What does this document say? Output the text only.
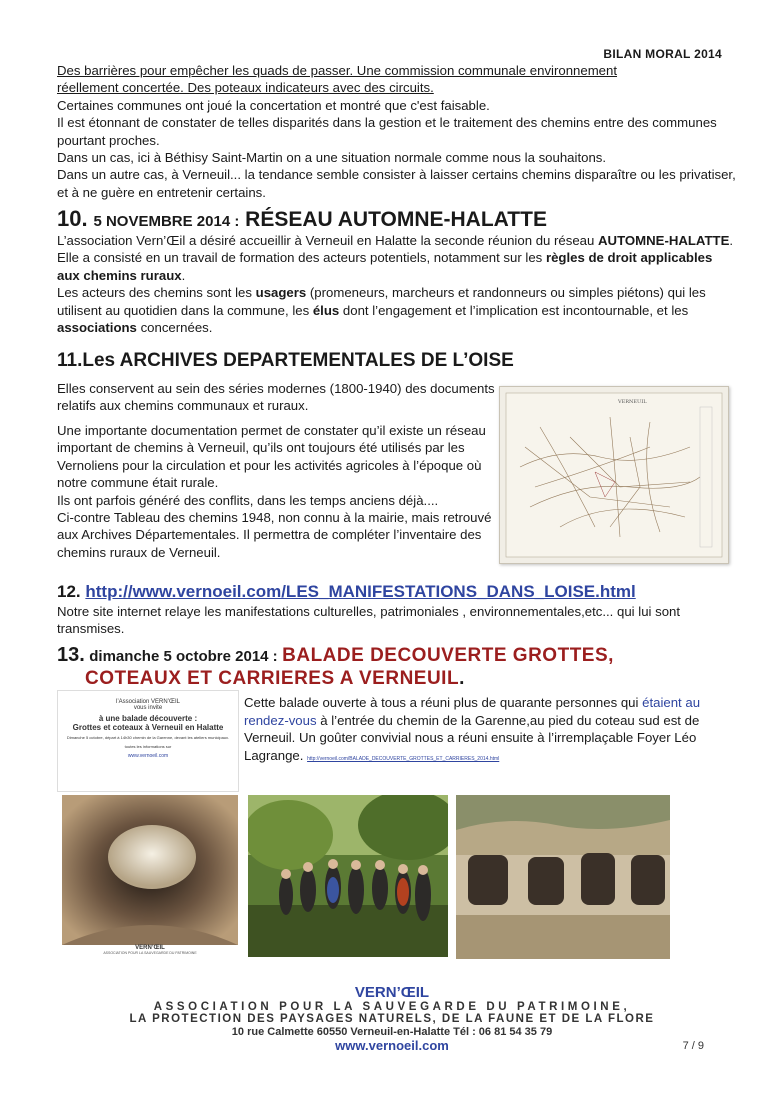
BILAN MORAL 2014

Des barrières pour empêcher les quads de passer. Une commission communale environnement

réellement concertée. Des poteaux indicateurs avec des circuits.

Certaines communes ont joué la concertation et montré que c'est faisable.

Il est étonnant de constater de telles disparités dans la gestion et le traitement des chemins entre des communes pourtant proches.

Dans un cas, ici à Béthisy Saint-Martin on a une situation normale comme nous la souhaitons.

Dans un autre cas, à Verneuil... la tendance semble consister à laisser certains chemins disparaître ou les privatiser, et à ne guère en entretenir certains.

10. 5 NOVEMBRE 2014 : RÉSEAU AUTOMNE-HALATTE

L’association Vern’Œil a désiré accueillir à Verneuil en Halatte la seconde réunion du réseau AUTOMNE-HALATTE. Elle a consisté en un travail de formation des acteurs potentiels, notamment sur les règles de droit applicables aux chemins ruraux.

Les acteurs des chemins sont les usagers (promeneurs, marcheurs et randonneurs ou simples piétons) qui les utilisent au quotidien dans la commune, les élus dont l’engagement et l’implication est incontournable, et les associations concernées.

11.Les ARCHIVES DEPARTEMENTALES DE L’OISE

Elles conservent au sein des séries modernes (1800-1940) des documents relatifs aux chemins communaux et ruraux.

Une importante documentation permet de constater qu’il existe un réseau important de chemins à Verneuil, qu’ils ont toujours été utilisés par les Vernoliens pour la circulation et pour les activités agricoles à l’époque où notre commune était rurale.
Ils ont parfois généré des conflits, dans les temps anciens déjà....
Ci-contre Tableau des chemins 1948, non connu à la mairie, mais retrouvé aux Archives Départementales. Il permettra de compléter l’inventaire des chemins ruraux de Verneuil.
VERNEUIL
12. http://www.vernoeil.com/LES_MANIFESTATIONS_DANS_LOISE.html

Notre site internet relaye les manifestations culturelles, patrimoniales , environnementales,etc... qui lui sont transmises.

13. dimanche 5 octobre 2014 : BALADE DECOUVERTE GROTTES,
COTEAUX ET CARRIERES A VERNEUIL.
l’Association VERN’ŒIL
vous invite
à une balade découverte :
Grottes et coteaux à Verneuil en Halatte
Dimanche 5 octobre, départ à 14h30 chemin de la Garenne, devant les ateliers municipaux.
toutes les informations sur
www.vernoeil.com

Cette balade ouverte à tous a réuni plus de quarante personnes qui étaient au rendez-vous à l’entrée du chemin de la Garenne,au pied du coteau sud est de Verneuil. Un goûter convivial nous a réuni ensuite à l’irremplaçable Foyer Léo Lagrange. http://vernoeil.com/BALADE_DECOUVERTE_GROTTES_ET_CARRIERES_2014.html

VERN’ŒIL
ASSOCIATION POUR LA SAUVEGARDE DU PATRIMOINE
VERN’ŒIL
ASSOCIATION POUR LA SAUVEGARDE DU PATRIMOINE,
LA PROTECTION DES PAYSAGES NATURELS, DE LA FAUNE ET DE LA FLORE
10 rue Calmette 60550 Verneuil-en-Halatte Tél : 06 81 54 35 79
www.vernoeil.com	7 / 9
